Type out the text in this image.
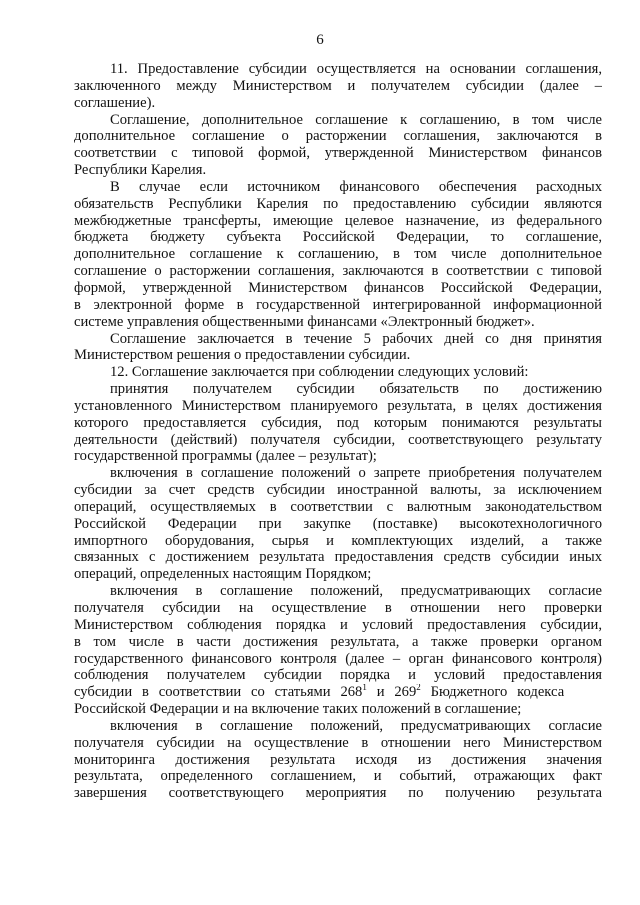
6
11. Предоставление субсидии осуществляется на основании соглашения,
заключенного между Министерством и получателем субсидии (далее –
соглашение).
Соглашение, дополнительное соглашение к соглашению, в том числе
дополнительное соглашение о расторжении соглашения, заключаются в
соответствии с типовой формой, утвержденной Министерством финансов
Республики Карелия.
В случае если источником финансового обеспечения расходных
обязательств Республики Карелия по предоставлению субсидии являются
межбюджетные трансферты, имеющие целевое назначение, из федерального
бюджета бюджету субъекта Российской Федерации, то соглашение,
дополнительное соглашение к соглашению, в том числе дополнительное
соглашение о расторжении соглашения, заключаются в соответствии с типовой
формой, утвержденной Министерством финансов Российской Федерации,
в электронной форме в государственной интегрированной информационной
системе управления общественными финансами «Электронный бюджет».
Соглашение заключается в течение 5 рабочих дней со дня принятия
Министерством решения о предоставлении субсидии.
12. Соглашение заключается при соблюдении следующих условий:
принятия получателем субсидии обязательств по достижению
установленного Министерством планируемого результата, в целях достижения
которого предоставляется субсидия, под которым понимаются результаты
деятельности (действий) получателя субсидии, соответствующего результату
государственной программы (далее – результат);
включения в соглашение положений о запрете приобретения получателем
субсидии за счет средств субсидии иностранной валюты, за исключением
операций, осуществляемых в соответствии с валютным законодательством
Российской Федерации при закупке (поставке) высокотехнологичного
импортного оборудования, сырья и комплектующих изделий, а также
связанных с достижением результата предоставления средств субсидии иных
операций, определенных настоящим Порядком;
включения в соглашение положений, предусматривающих согласие
получателя субсидии на осуществление в отношении него проверки
Министерством соблюдения порядка и условий предоставления субсидии,
в том числе в части достижения результата, а также проверки органом
государственного финансового контроля (далее – орган финансового контроля)
соблюдения получателем субсидии порядка и условий предоставления
субсидии в соответствии со статьями $268^1$ и $269^2$ Бюджетного кодекса
Российской Федерации и на включение таких положений в соглашение;
включения в соглашение положений, предусматривающих согласие
получателя субсидии на осуществление в отношении него Министерством
мониторинга достижения результата исходя из достижения значения
результата, определенного соглашением, и событий, отражающих факт
завершения соответствующего мероприятия по получению результата
